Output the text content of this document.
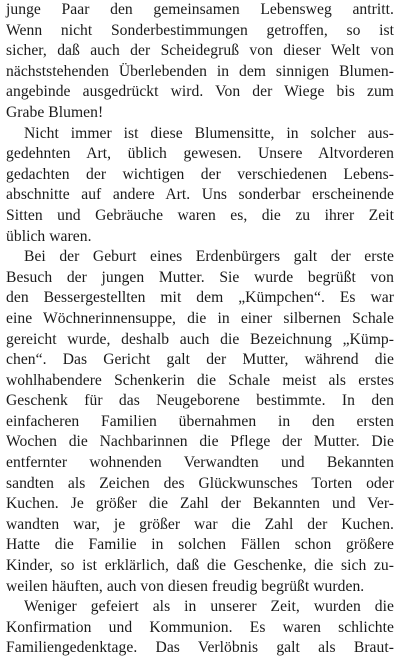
junge Paar den gemeinsamen Lebensweg antritt.
Wenn nicht Sonderbestimmungen getroffen, so ist
sicher, daß auch der Scheidegruß von dieser Welt von
nächststehenden Überlebenden in dem sinnigen Blumen-
angebinde ausgedrückt wird. Von der Wiege bis zum
Grabe Blumen!
Nicht immer ist diese Blumensitte, in solcher aus-
gedehnten Art, üblich gewesen. Unsere Altvorderen
gedachten der wichtigen der verschiedenen Lebens-
abschnitte auf andere Art. Uns sonderbar erscheinende
Sitten und Gebräuche waren es, die zu ihrer Zeit
üblich waren.
Bei der Geburt eines Erdenbürgers galt der erste
Besuch der jungen Mutter. Sie wurde begrüßt von
den Bessergestellten mit dem „Kümpchen“. Es war
eine Wöchnerinnensuppe, die in einer silbernen Schale
gereicht wurde, deshalb auch die Bezeichnung „Kümp-
chen“. Das Gericht galt der Mutter, während die
wohlhabendere Schenkerin die Schale meist als erstes
Geschenk für das Neugeborene bestimmte. In den
einfacheren Familien übernahmen in den ersten
Wochen die Nachbarinnen die Pflege der Mutter. Die
entfernter wohnenden Verwandten und Bekannten
sandten als Zeichen des Glückwunsches Torten oder
Kuchen. Je größer die Zahl der Bekannten und Ver-
wandten war, je größer war die Zahl der Kuchen.
Hatte die Familie in solchen Fällen schon größere
Kinder, so ist erklärlich, daß die Geschenke, die sich zu-
weilen häuften, auch von diesen freudig begrüßt wurden.
Weniger gefeiert als in unserer Zeit, wurden die
Konfirmation und Kommunion. Es waren schlichte
Familiengedenktage. Das Verlöbnis galt als Braut-
